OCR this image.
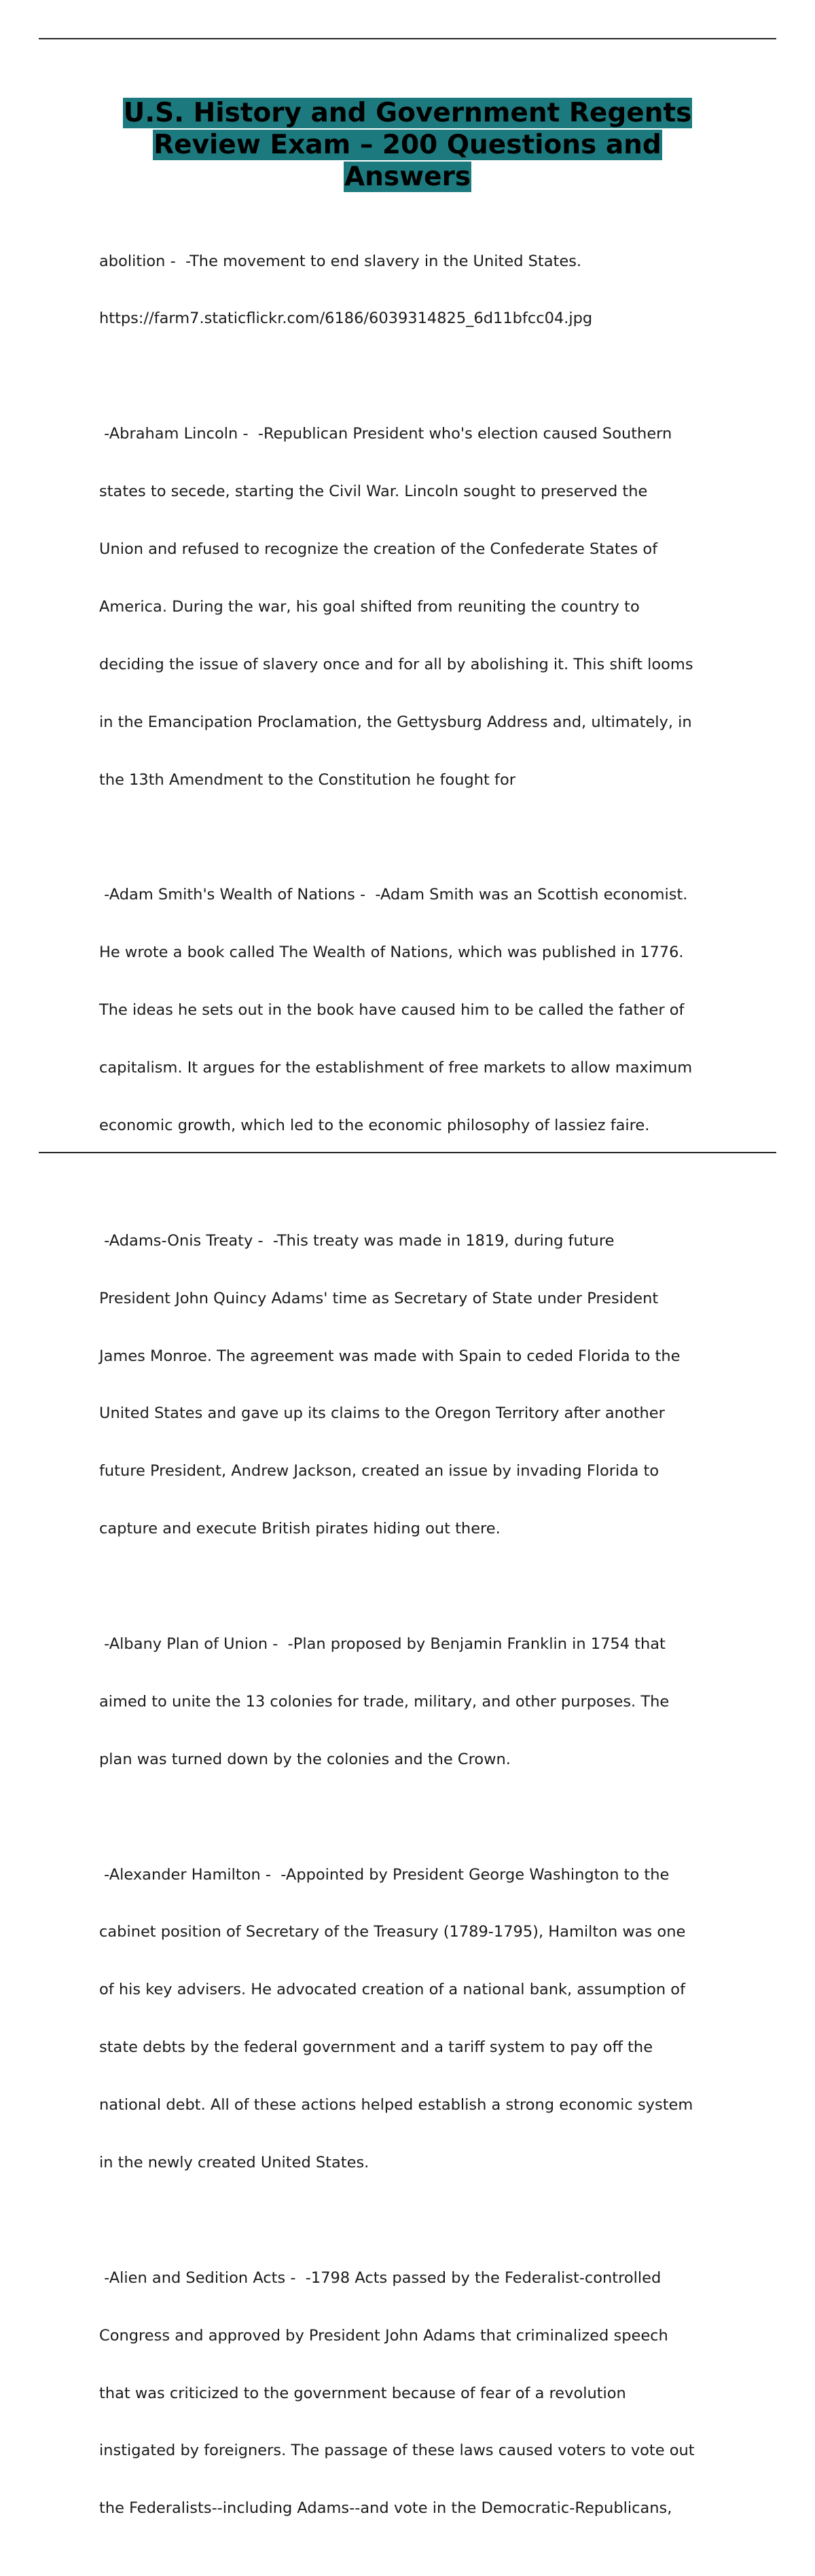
U.S. History and Government Regents
Review Exam – 200 Questions and
Answers

abolition -  -The movement to end slavery in the United States.

https://farm7.staticflickr.com/6186/6039314825_6d11bfcc04.jpg

-Abraham Lincoln -  -Republican President who's election caused Southern

states to secede, starting the Civil War. Lincoln sought to preserved the

Union and refused to recognize the creation of the Confederate States of

America. During the war, his goal shifted from reuniting the country to

deciding the issue of slavery once and for all by abolishing it. This shift looms

in the Emancipation Proclamation, the Gettysburg Address and, ultimately, in

the 13th Amendment to the Constitution he fought for

-Adam Smith's Wealth of Nations -  -Adam Smith was an Scottish economist.

He wrote a book called The Wealth of Nations, which was published in 1776.

The ideas he sets out in the book have caused him to be called the father of

capitalism. It argues for the establishment of free markets to allow maximum

economic growth, which led to the economic philosophy of lassiez faire.

-Adams-Onis Treaty -  -This treaty was made in 1819, during future

President John Quincy Adams' time as Secretary of State under President

James Monroe. The agreement was made with Spain to ceded Florida to the

United States and gave up its claims to the Oregon Territory after another

future President, Andrew Jackson, created an issue by invading Florida to

capture and execute British pirates hiding out there.

-Albany Plan of Union -  -Plan proposed by Benjamin Franklin in 1754 that

aimed to unite the 13 colonies for trade, military, and other purposes. The

plan was turned down by the colonies and the Crown.

-Alexander Hamilton -  -Appointed by President George Washington to the

cabinet position of Secretary of the Treasury (1789-1795), Hamilton was one

of his key advisers. He advocated creation of a national bank, assumption of

state debts by the federal government and a tariff system to pay off the

national debt. All of these actions helped establish a strong economic system

in the newly created United States.

-Alien and Sedition Acts -  -1798 Acts passed by the Federalist-controlled

Congress and approved by President John Adams that criminalized speech

that was criticized to the government because of fear of a revolution

instigated by foreigners. The passage of these laws caused voters to vote out

the Federalists--including Adams--and vote in the Democratic-Republicans,
